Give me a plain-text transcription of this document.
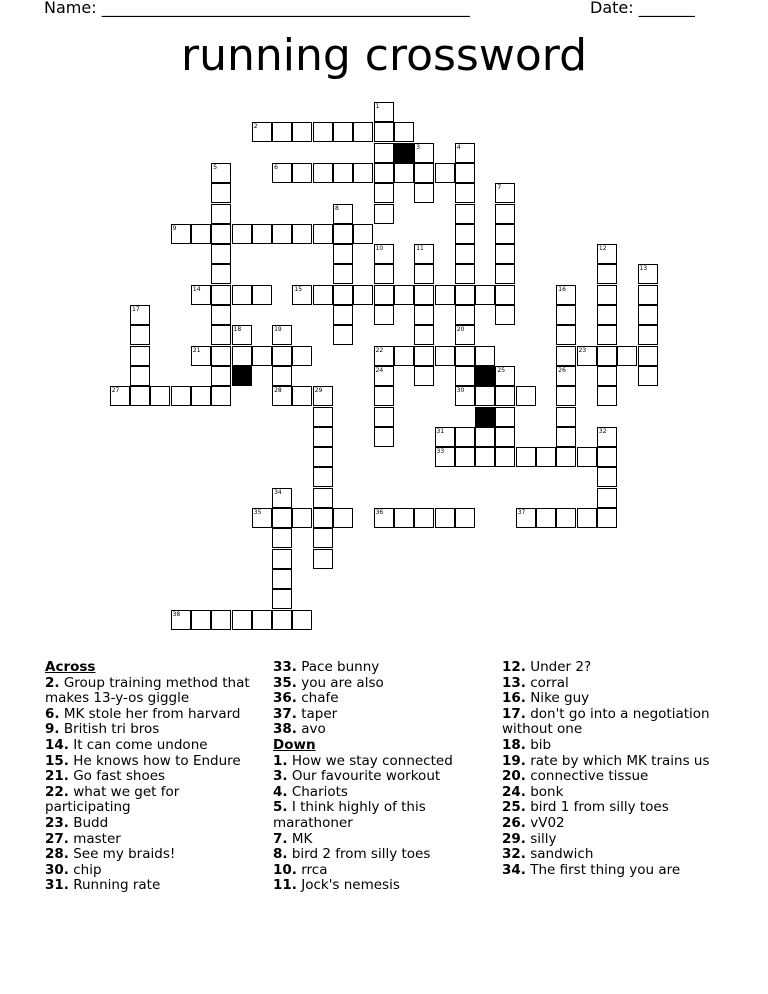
Name: ______________________________________________	Date: _______
running crossword
2
6
9
14	15
21	22	23
27	28	30
31
33
35	36	37
38
1
3	4
5
7
8
10	11	12
13
16
26
17
18	19	20
24	25
29
32
34
Across
2. Group training method that makes 13-y-os giggle
6. MK stole her from harvard
9. British tri bros
14. It can come undone
15. He knows how to Endure
21. Go fast shoes
22. what we get for participating
23. Budd
27. master
28. See my braids!
30. chip
31. Running rate
33. Pace bunny
35. you are also
36. chafe
37. taper
38. avo
Down
1. How we stay connected
3. Our favourite workout
4. Chariots
5. I think highly of this marathoner
7. MK
8. bird 2 from silly toes
10. rrca
11. Jock's nemesis
12. Under 2?
13. corral
16. Nike guy
17. don't go into a negotiation without one
18. bib
19. rate by which MK trains us
20. connective tissue
24. bonk
25. bird 1 from silly toes
26. vV02
29. silly
32. sandwich
34. The first thing you are
